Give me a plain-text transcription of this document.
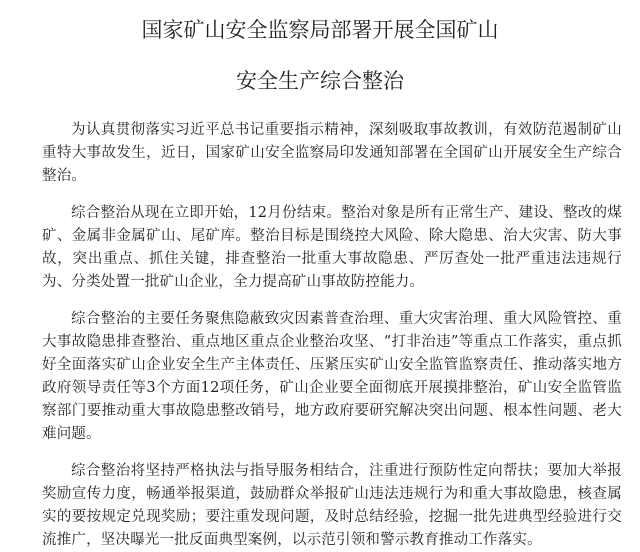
国家矿山安全监察局部署开展全国矿山
安全生产综合整治

为认真贯彻落实习近平总书记重要指示精神，深刻吸取事故教训，有效防范遏制矿山重特大事故发生，近日，国家矿山安全监察局印发通知部署在全国矿山开展安全生产综合整治。

综合整治从现在立即开始，12月份结束。整治对象是所有正常生产、建设、整改的煤矿、金属非金属矿山、尾矿库。整治目标是围绕控大风险、除大隐患、治大灾害、防大事故，突出重点、抓住关键，排查整治一批重大事故隐患、严厉查处一批严重违法违规行为、分类处置一批矿山企业，全力提高矿山事故防控能力。

综合整治的主要任务聚焦隐蔽致灾因素普查治理、重大灾害治理、重大风险管控、重大事故隐患排查整治、重点地区重点企业整治攻坚、“打非治违”等重点工作落实，重点抓好全面落实矿山企业安全生产主体责任、压紧压实矿山安全监管监察责任、推动落实地方政府领导责任等3个方面12项任务，矿山企业要全面彻底开展摸排整治，矿山安全监管监察部门要推动重大事故隐患整改销号，地方政府要研究解决突出问题、根本性问题、老大难问题。

综合整治将坚持严格执法与指导服务相结合，注重进行预防性定向帮扶；要加大举报奖励宣传力度，畅通举报渠道，鼓励群众举报矿山违法违规行为和重大事故隐患，核查属实的要按规定兑现奖励；要注重发现问题，及时总结经验，挖掘一批先进典型经验进行交流推广，坚决曝光一批反面典型案例，以示范引领和警示教育推动工作落实。
